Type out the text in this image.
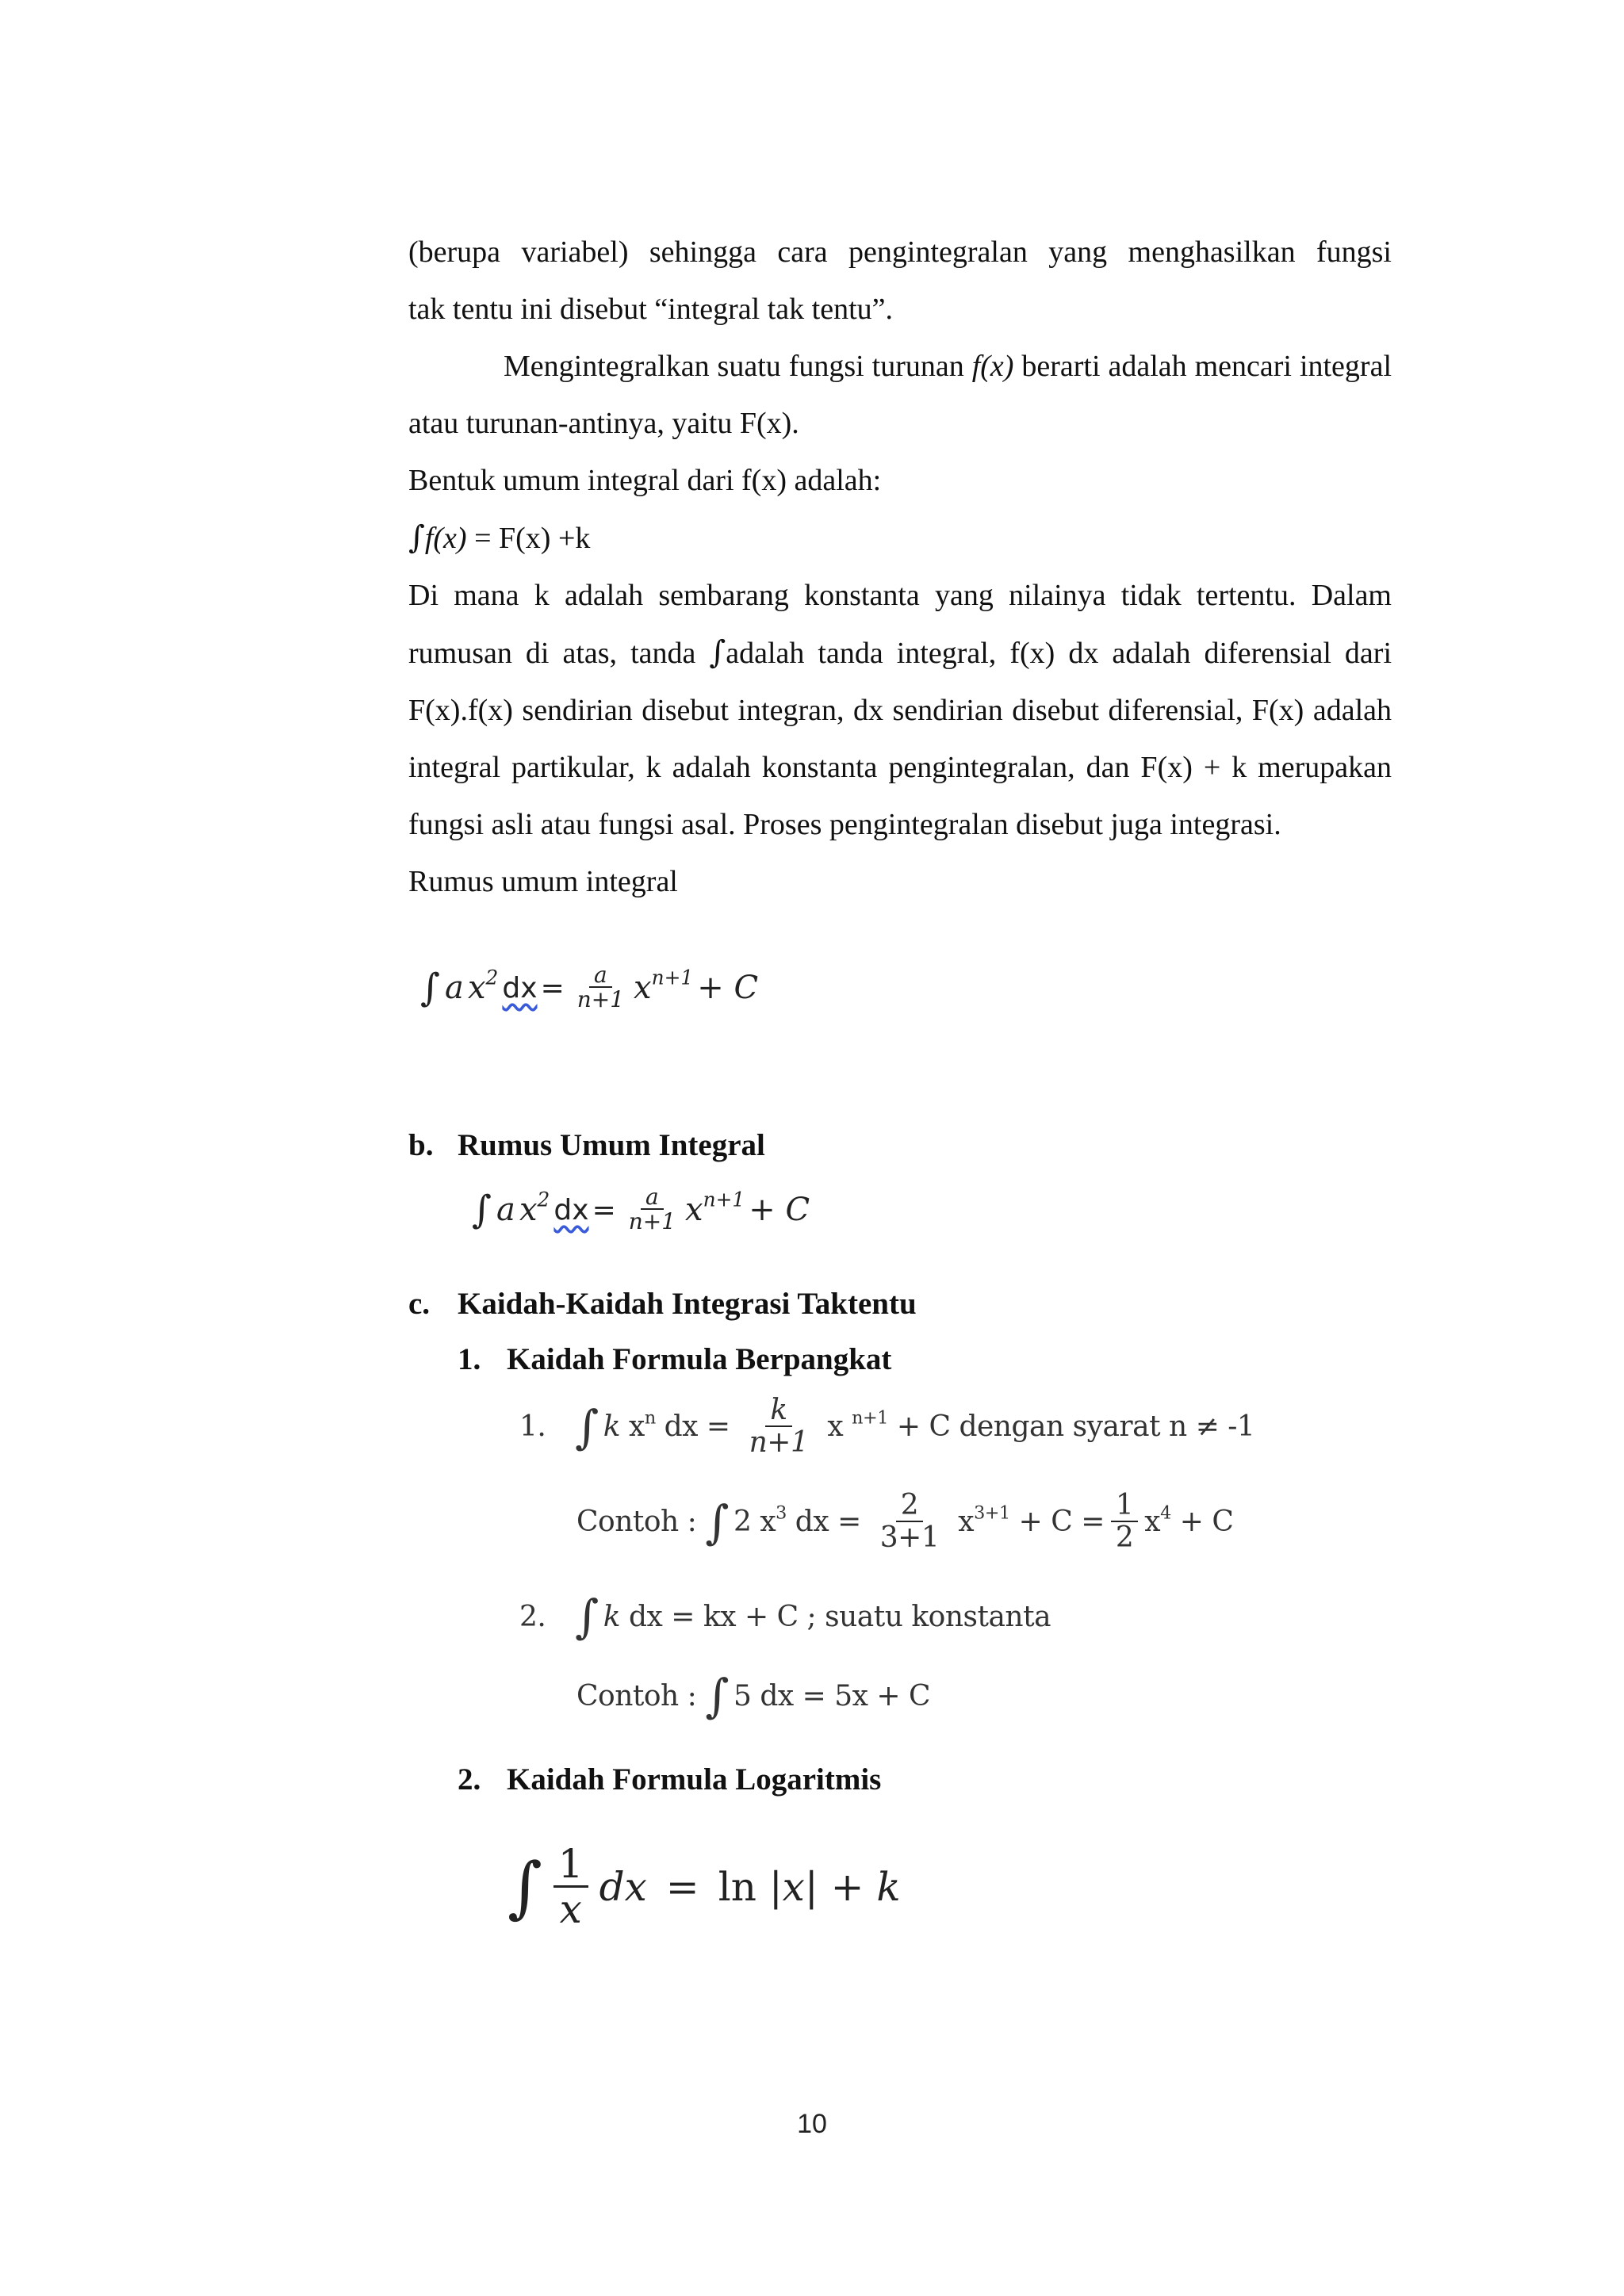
(berupa variabel) sehingga cara pengintegralan yang menghasilkan fungsi

tak tentu ini disebut “integral tak tentu”.

Mengintegralkan suatu fungsi turunan f(x) berarti adalah mencari integral atau turunan-antinya, yaitu F(x).

Bentuk umum integral dari f(x) adalah:

∫f(x) = F(x) +k

Di mana k adalah sembarang konstanta yang nilainya tidak tertentu. Dalam rumusan di atas, tanda ∫adalah tanda integral, f(x) dx adalah diferensial dari F(x).f(x) sendirian disebut integran, dx sendirian disebut diferensial, F(x) adalah integral partikular, k adalah konstanta pengintegralan, dan F(x) + k merupakan fungsi asli atau fungsi asal. Proses pengintegralan disebut juga integrasi.

Rumus umum integral

∫ a
$x^2$
dx = $\frac{a}{n+1} x^{n+1}$
+ C
b. Rumus Umum Integral
∫ a
$x^2$
dx = $\frac{a}{n+1} x^{n+1}$
+ C
c. Kaidah-Kaidah Integrasi Taktentu
1. Kaidah Formula Berpangkat
1. ∫ k
$x^n$
dx = $\frac{k}{n+1}$ x $^{n+1}$
+ C dengan syarat n ≠ -1
Contoh :
∫ 2 $x^3$
dx = $\frac{2}{3+1} x^{3+1}$
+ $C = \frac{1}{2} x^4$
+ C
2. ∫ k
dx = kx + C ; suatu konstanta
Contoh :
∫ 5 dx = 5x + C
2. Kaidah Formula Logaritmis
∫ $\frac{1}{x}$ dx = ln
|x|
+ k
10
